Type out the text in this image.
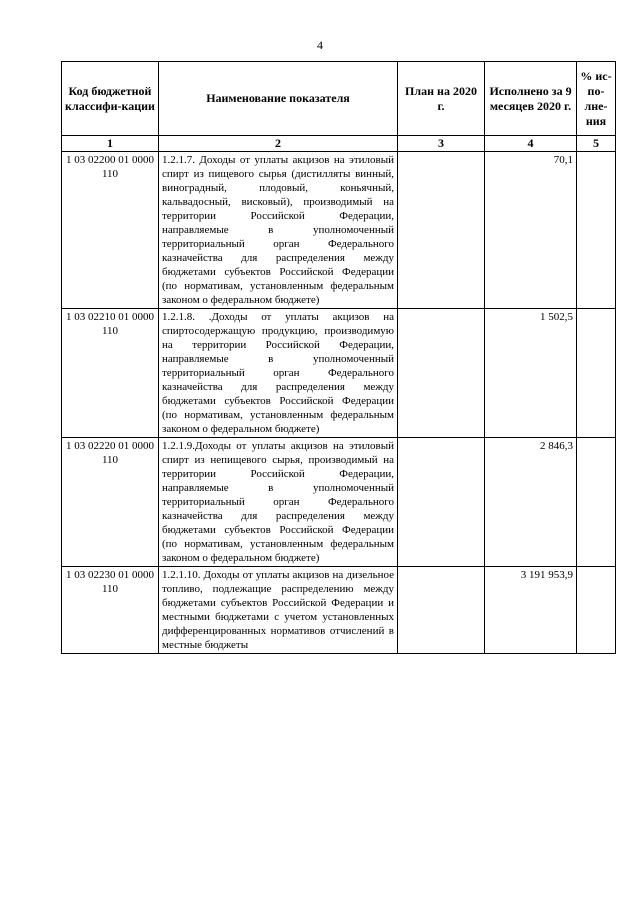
4
Код бюджетной классифи-кации	Наименование показателя	План на 2020 г.	Исполнено за 9 месяцев 2020 г.	% ис-по-лне-ния
1	2	3	4	5
1 03 02200 01 0000 110	1.2.1.7. Доходы от уплаты акцизов на этиловый спирт из пищевого сырья (дистилляты винный, виноградный, плодовый, коньячный, кальвадосный, висковый), производимый на территории Российской Федерации, направляемые в уполномоченный территориальный орган Федерального казначейства для распределения между бюджетами субъектов Российской Федерации (по нормативам, установленным федеральным законом о федеральном бюджете)		70,1	
1 03 02210 01 0000 110	1.2.1.8. .Доходы от уплаты акцизов на спиртосодержащую продукцию, производимую на территории Российской Федерации, направляемые в уполномоченный территориальный орган Федерального казначейства для распределения между бюджетами субъектов Российской Федерации (по нормативам, установленным федеральным законом о федеральном бюджете)		1 502,5	
1 03 02220 01 0000 110	1.2.1.9.Доходы от уплаты акцизов на этиловый спирт из непищевого сырья, производимый на территории Российской Федерации, направляемые в уполномоченный территориальный орган Федерального казначейства для распределения между бюджетами субъектов Российской Федерации (по нормативам, установленным федеральным законом о федеральном бюджете)		2 846,3	
1 03 02230 01 0000 110	1.2.1.10. Доходы от уплаты акцизов на дизельное топливо, подлежащие распределению между бюджетами субъектов Российской Федерации и местными бюджетами с учетом установленных дифференцированных нормативов отчислений в местные бюджеты		3 191 953,9	
